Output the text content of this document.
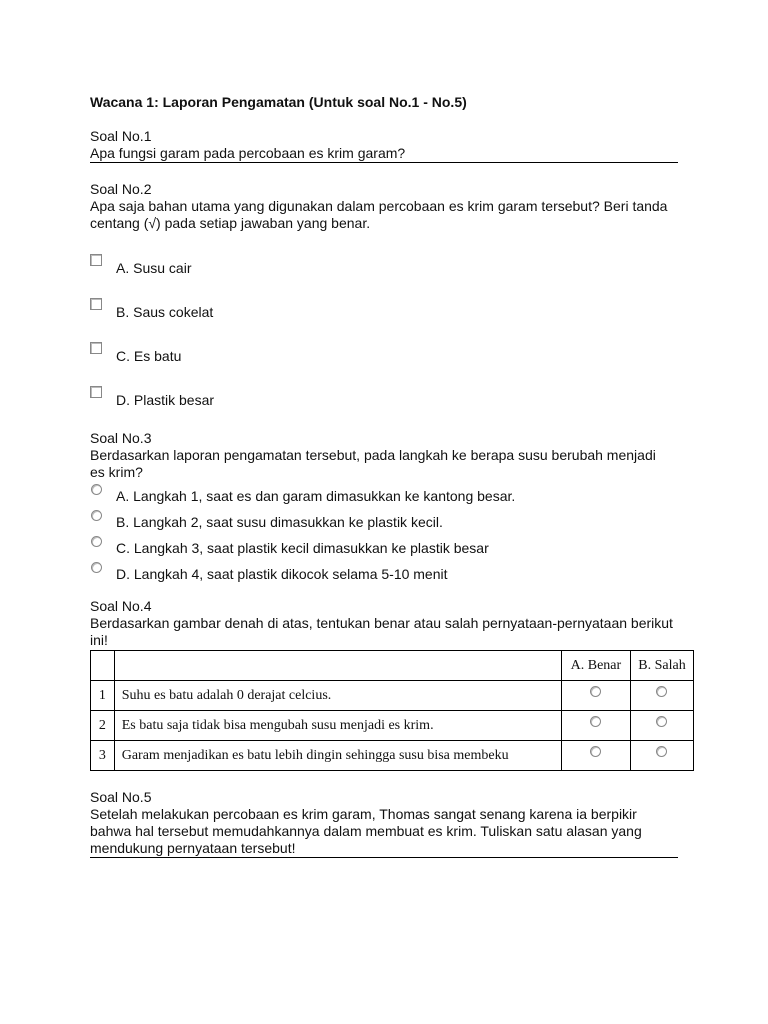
Wacana 1: Laporan Pengamatan (Untuk soal No.1 - No.5)
Soal No.1
Apa fungsi garam pada percobaan es krim garam?
Soal No.2
Apa saja bahan utama yang digunakan dalam percobaan es krim garam tersebut? Beri tanda centang (√) pada setiap jawaban yang benar.
A. Susu cair
B. Saus cokelat
C. Es batu
D. Plastik besar
Soal No.3
Berdasarkan laporan pengamatan tersebut, pada langkah ke berapa susu berubah menjadi es krim?
A. Langkah 1, saat es dan garam dimasukkan ke kantong besar.
B. Langkah 2, saat susu dimasukkan ke plastik kecil.
C. Langkah 3, saat plastik kecil dimasukkan ke plastik besar
D. Langkah 4, saat plastik dikocok selama 5-10 menit
Soal No.4
Berdasarkan gambar denah di atas, tentukan benar atau salah pernyataan-pernyataan berikut ini!
		A. Benar	B. Salah
1	Suhu es batu adalah 0 derajat celcius.		
2	Es batu saja tidak bisa mengubah susu menjadi es krim.		
3	Garam menjadikan es batu lebih dingin sehingga susu bisa membeku		
Soal No.5
Setelah melakukan percobaan es krim garam, Thomas sangat senang karena ia berpikir bahwa hal tersebut memudahkannya dalam membuat es krim. Tuliskan satu alasan yang mendukung pernyataan tersebut!
